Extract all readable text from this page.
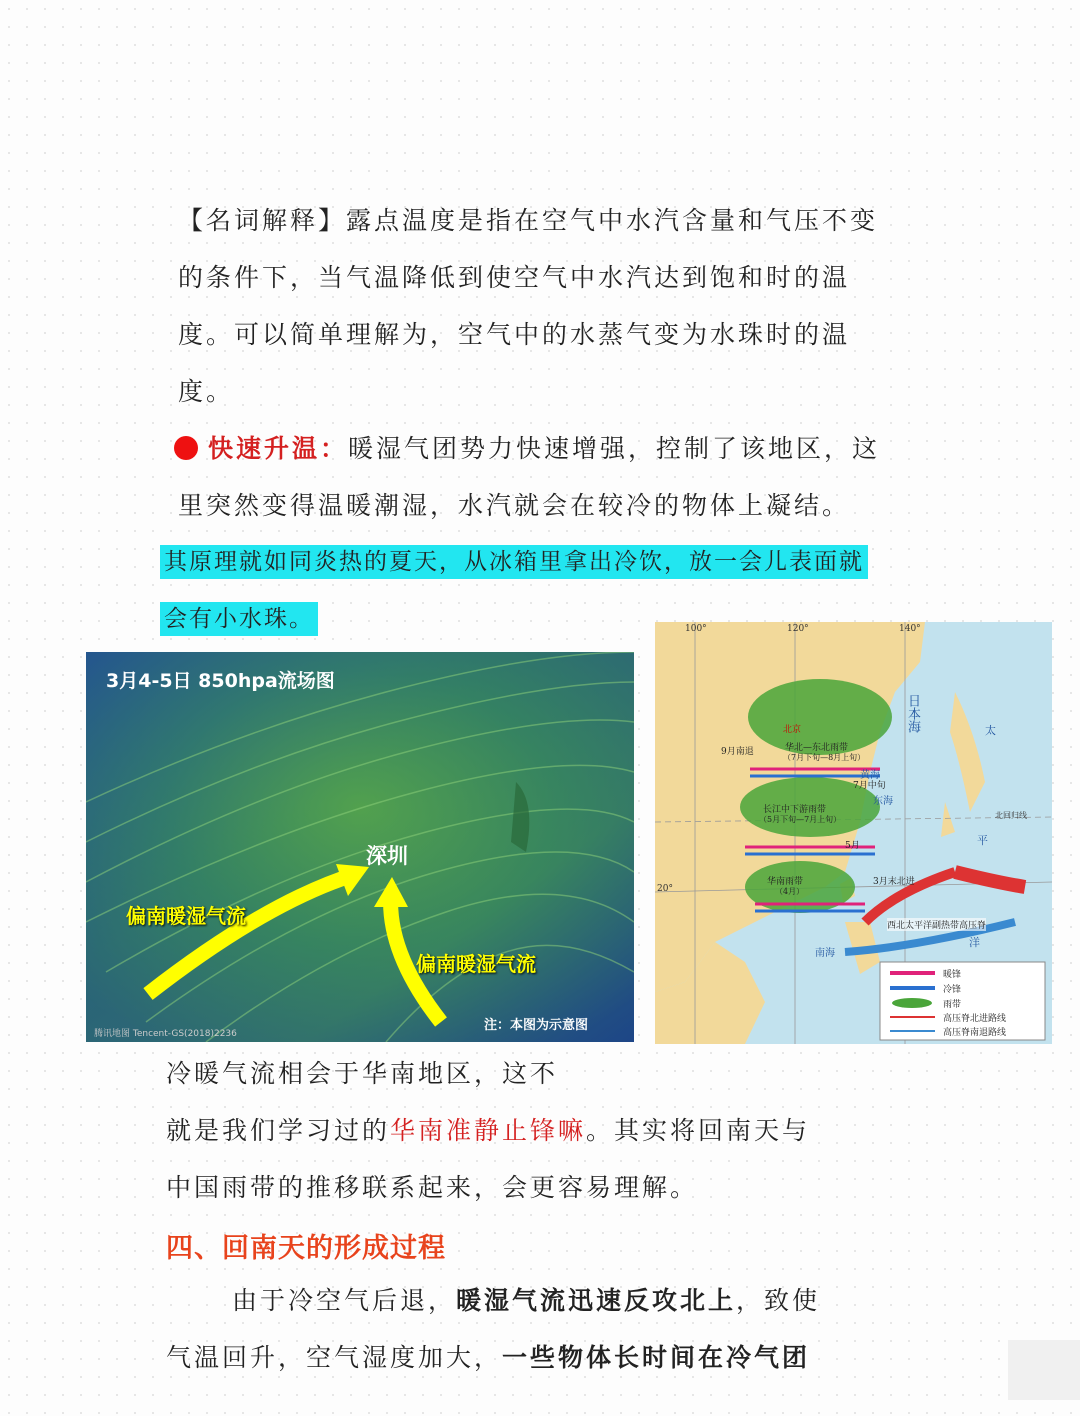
【名词解释】露点温度是指在空气中水汽含量和气压不变
的条件下，当气温降低到使空气中水汽达到饱和时的温
度。可以简单理解为，空气中的水蒸气变为水珠时的温
度。
快速升温：暖湿气团势力快速增强，控制了该地区，这
里突然变得温暖潮湿，水汽就会在较冷的物体上凝结。
其原理就如同炎热的夏天，从冰箱里拿出冷饮，放一会儿表面就
会有小水珠。
3月4-5日 850hpa流场图
深圳
偏南暖湿气流
偏南暖湿气流
注：本图为示意图
腾讯地图 Tencent-GS(2018)2236
100°	120°	140°
20°
北京
华北—东北雨带
（7月下旬—8月上旬）
长江中下游雨带
（5月下旬—7月上旬）
华南雨带
（4月）
9月南退
7月中旬
5月
3月末北进
日本海
黄海
东海
南海
北回归线
西北太平洋副热带高压脊
太
平
洋
暖锋
冷锋
雨带
高压脊北进路线
高压脊南退路线
冷暖气流相会于华南地区，这不
就是我们学习过的华南准静止锋嘛。其实将回南天与
中国雨带的推移联系起来，会更容易理解。
四、回南天的形成过程
由于冷空气后退，暖湿气流迅速反攻北上，致使
气温回升，空气湿度加大，一些物体长时间在冷气团
